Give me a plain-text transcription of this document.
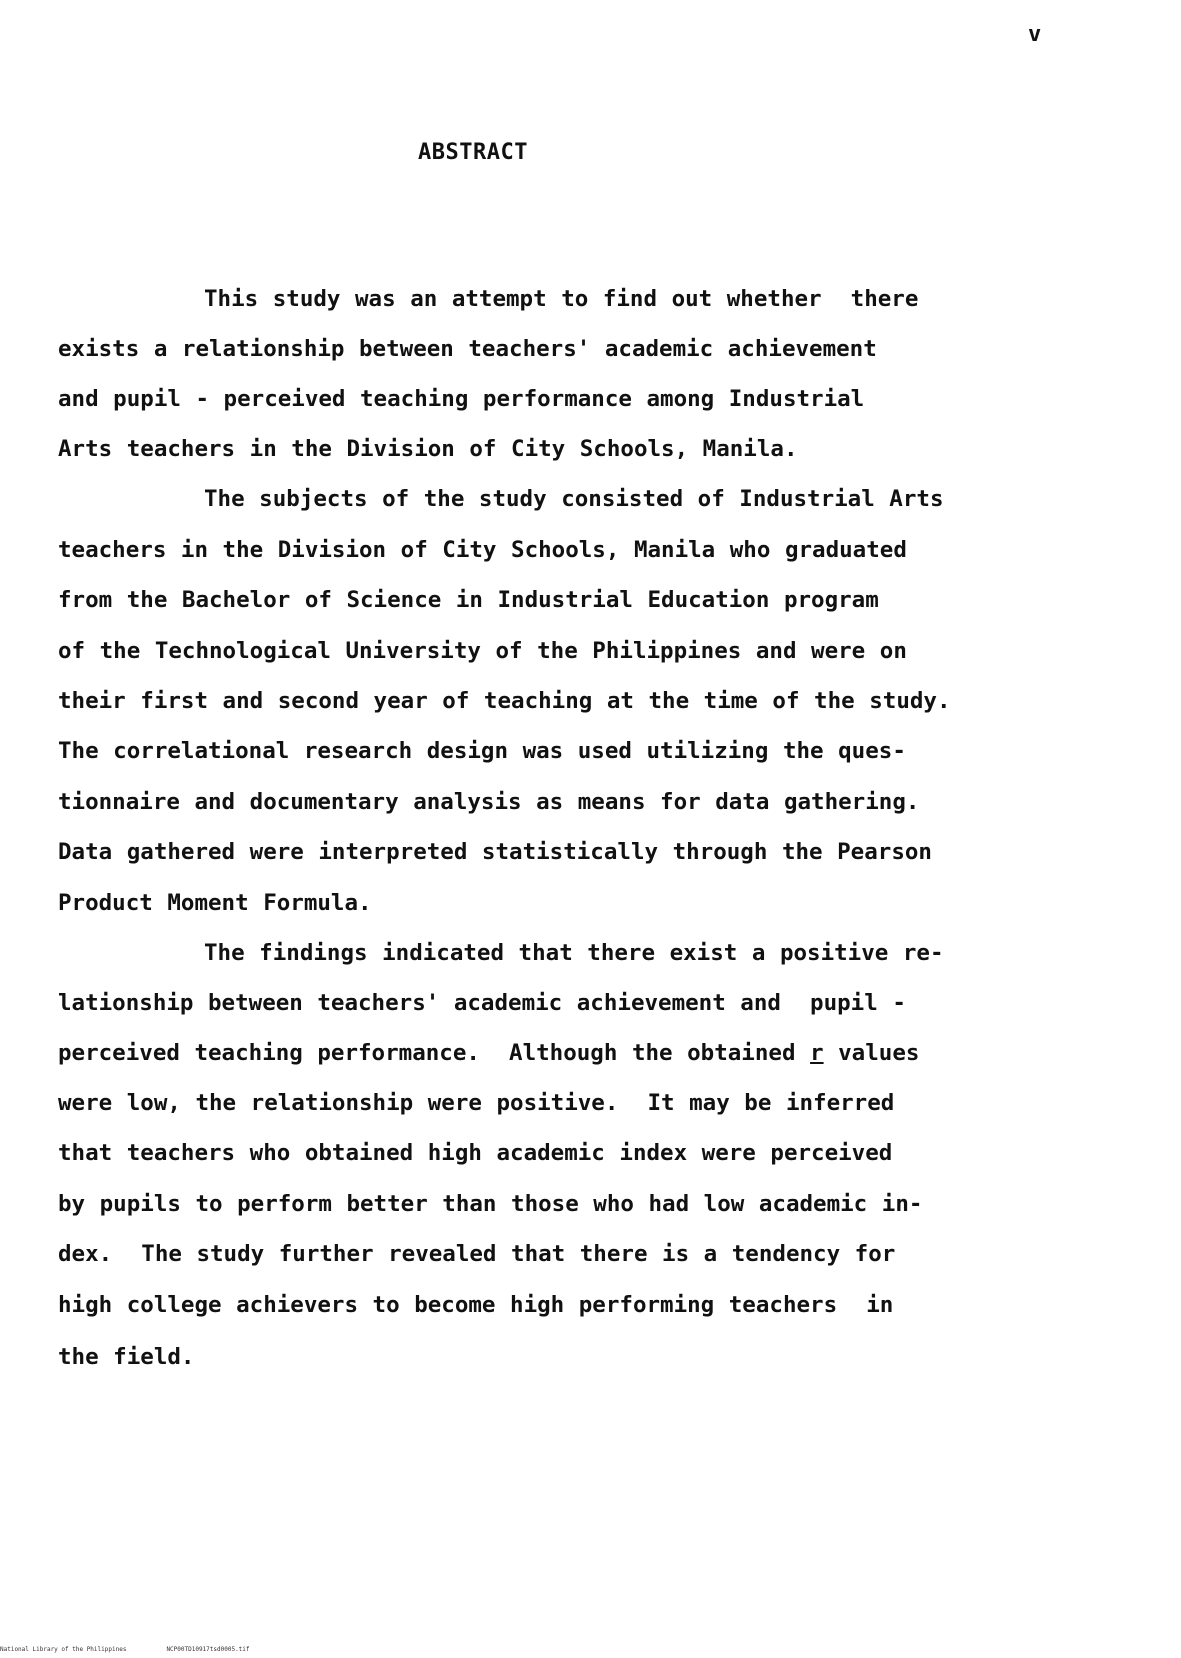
v
ABSTRACT
This study was an attempt to find out whether  there
exists a relationship between teachers' academic achievement
and pupil - perceived teaching performance among Industrial
Arts teachers in the Division of City Schools, Manila.
The subjects of the study consisted of Industrial Arts
teachers in the Division of City Schools, Manila who graduated
from the Bachelor of Science in Industrial Education program
of the Technological University of the Philippines and were on
their first and second year of teaching at the time of the study.
The correlational research design was used utilizing the ques-
tionnaire and documentary analysis as means for data gathering.
Data gathered were interpreted statistically through the Pearson
Product Moment Formula.
The findings indicated that there exist a positive re-
lationship between teachers' academic achievement and  pupil -
perceived teaching performance.  Although the obtained r values
were low, the relationship were positive.  It may be inferred
that teachers who obtained high academic index were perceived
by pupils to perform better than those who had low academic in-
dex.  The study further revealed that there is a tendency for
high college achievers to become high performing teachers  in
the field.
National Library of the Philippines	NCP00TD10917tsd0005.tif
